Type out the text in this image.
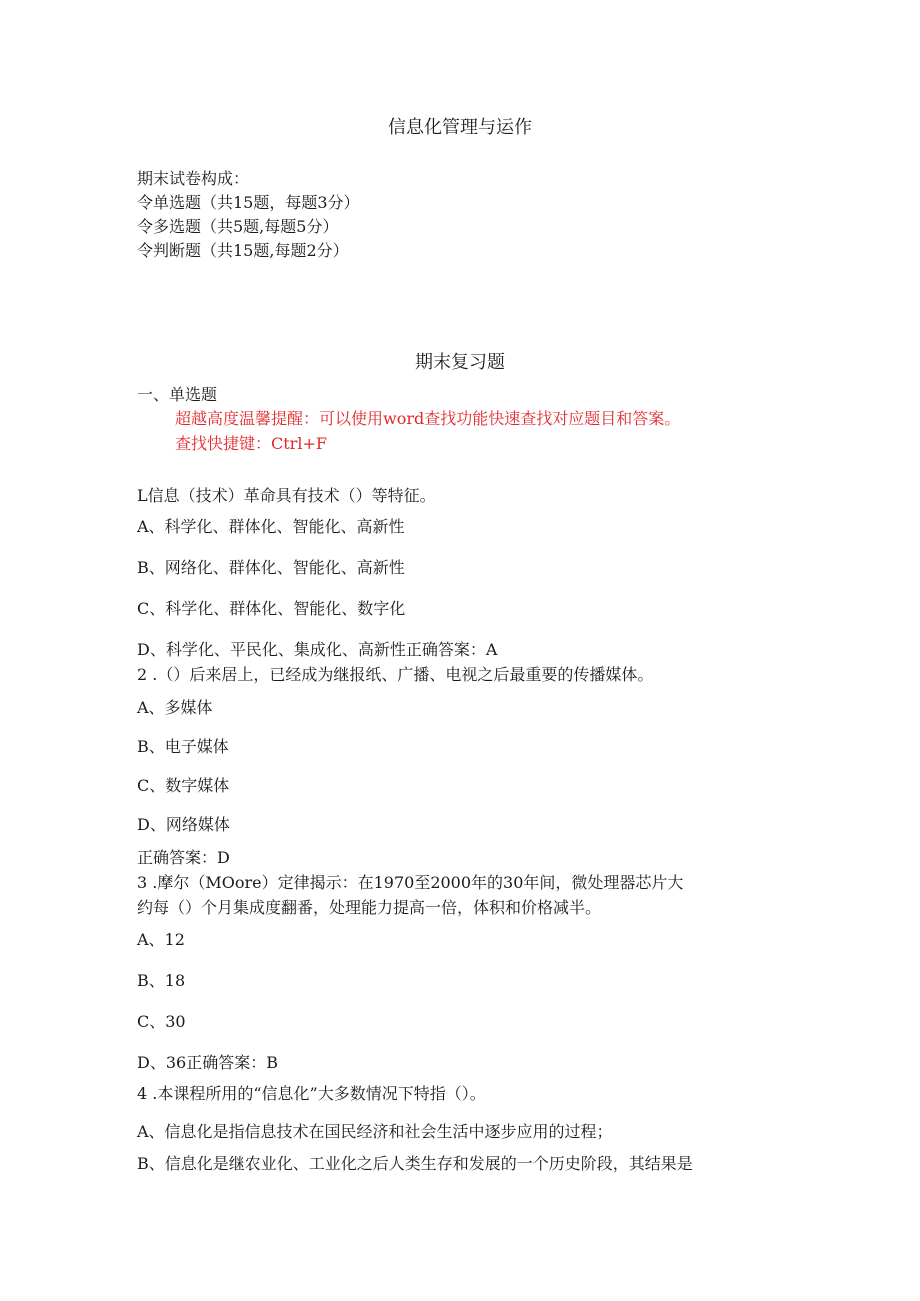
信息化管理与运作
期末试卷构成：
令单选题（共15题，每题3分）
令多选题（共5题,每题5分）
令判断题（共15题,每题2分）
期末复习题
一、单选题
超越高度温馨提醒：可以使用word查找功能快速查找对应题目和答案。
查找快捷键：Ctrl+F
L信息（技术）革命具有技术（）等特征。
A、科学化、群体化、智能化、高新性
B、网络化、群体化、智能化、高新性
C、科学化、群体化、智能化、数字化
D、科学化、平民化、集成化、高新性正确答案：A
2 .（）后来居上，已经成为继报纸、广播、电视之后最重要的传播媒体。
A、多媒体
B、电子媒体
C、数字媒体
D、网络媒体
正确答案：D
3 .摩尔（MOore）定律揭示：在1970至2000年的30年间，微处理器芯片大
约每（）个月集成度翻番，处理能力提高一倍，体积和价格减半。
A、12
B、18
C、30
D、36正确答案：B
4 .本课程所用的“信息化”大多数情况下特指（）。
A、信息化是指信息技术在国民经济和社会生活中逐步应用的过程；
B、信息化是继农业化、工业化之后人类生存和发展的一个历史阶段，其结果是
